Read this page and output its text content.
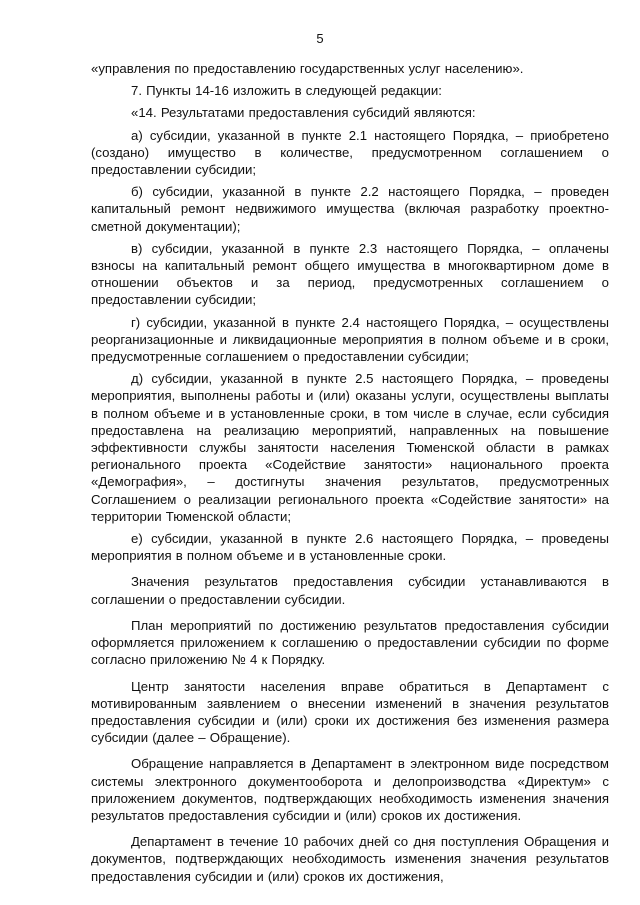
5

«управления по предоставлению государственных услуг населению».

7. Пункты 14-16 изложить в следующей редакции:

«14. Результатами предоставления субсидий являются:

а) субсидии, указанной в пункте 2.1 настоящего Порядка, – приобретено (создано) имущество в количестве, предусмотренном соглашением о предоставлении субсидии;

б) субсидии, указанной в пункте 2.2 настоящего Порядка, – проведен капитальный ремонт недвижимого имущества (включая разработку проектно-сметной документации);

в) субсидии, указанной в пункте 2.3 настоящего Порядка, – оплачены взносы на капитальный ремонт общего имущества в многоквартирном доме в отношении объектов и за период, предусмотренных соглашением о предоставлении субсидии;

г) субсидии, указанной в пункте 2.4 настоящего Порядка, – осуществлены реорганизационные и ликвидационные мероприятия в полном объеме и в сроки, предусмотренные соглашением о предоставлении субсидии;

д) субсидии, указанной в пункте 2.5 настоящего Порядка, – проведены мероприятия, выполнены работы и (или) оказаны услуги, осуществлены выплаты в полном объеме и в установленные сроки, в том числе в случае, если субсидия предоставлена на реализацию мероприятий, направленных на повышение эффективности службы занятости населения Тюменской области в рамках регионального проекта «Содействие занятости» национального проекта «Демография», – достигнуты значения результатов, предусмотренных Соглашением о реализации регионального проекта «Содействие занятости» на территории Тюменской области;

е) субсидии, указанной в пункте 2.6 настоящего Порядка, – проведены мероприятия в полном объеме и в установленные сроки.

Значения результатов предоставления субсидии устанавливаются в соглашении о предоставлении субсидии.

План мероприятий по достижению результатов предоставления субсидии оформляется приложением к соглашению о предоставлении субсидии по форме согласно приложению № 4 к Порядку.

Центр занятости населения вправе обратиться в Департамент с мотивированным заявлением о внесении изменений в значения результатов предоставления субсидии и (или) сроки их достижения без изменения размера субсидии (далее – Обращение).

Обращение направляется в Департамент в электронном виде посредством системы электронного документооборота и делопроизводства «Директум» с приложением документов, подтверждающих необходимость изменения значения результатов предоставления субсидии и (или) сроков их достижения.

Департамент в течение 10 рабочих дней со дня поступления Обращения и документов, подтверждающих необходимость изменения значения результатов предоставления субсидии и (или) сроков их достижения,
